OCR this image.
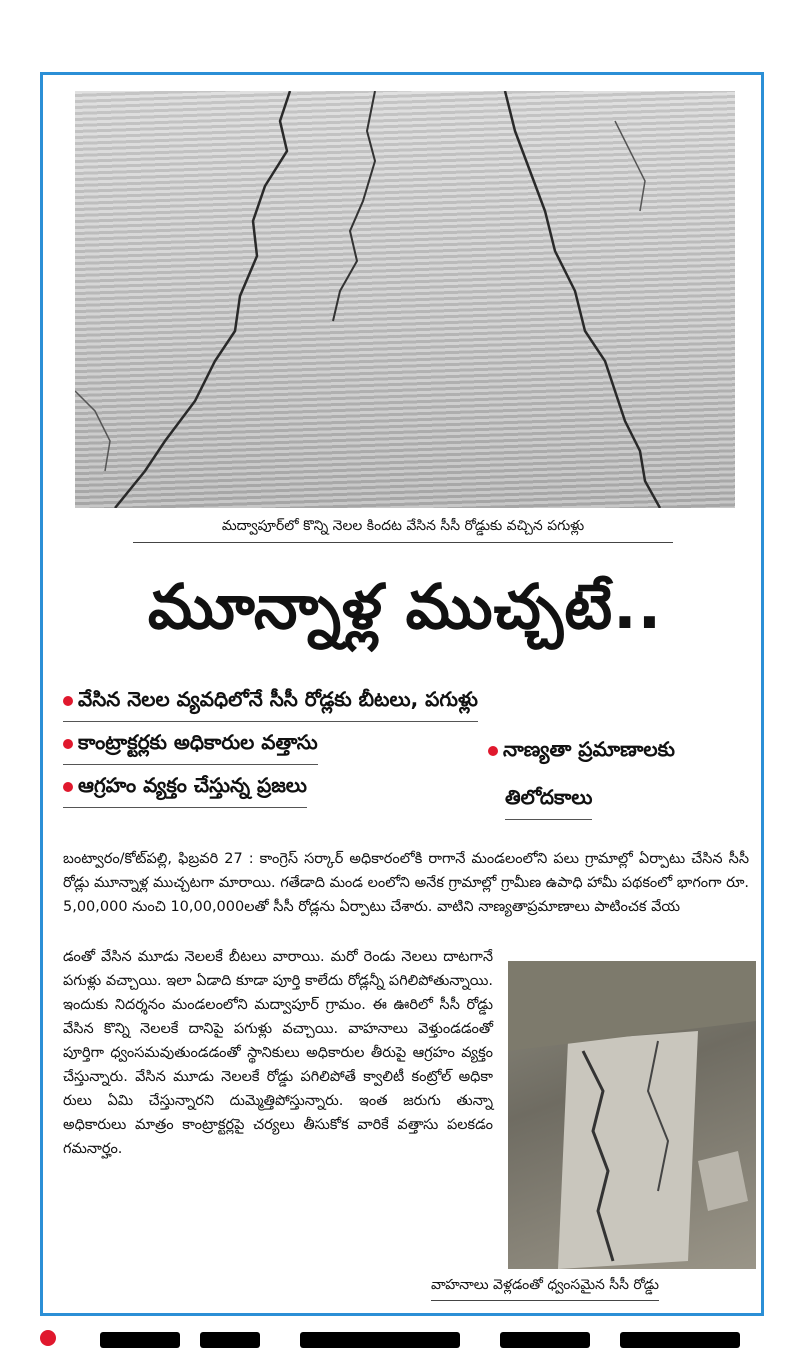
మద్వాపూర్‌లో కొన్ని నెలల కిందట వేసిన సీసీ రోడ్డుకు వచ్చిన పగుళ్లు
మూన్నాళ్ల ముచ్చటే..
వేసిన నెలల వ్యవధిలోనే సీసీ రోడ్లకు బీటలు, పగుళ్లు
కాంట్రాక్టర్లకు అధికారుల వత్తాసు
ఆగ్రహం వ్యక్తం చేస్తున్న ప్రజలు
నాణ్యతా ప్రమాణాలకు
తిలోదకాలు
బంట్వారం/కోట్‌పల్లి, ఫిబ్రవరి 27 : కాంగ్రెస్ సర్కార్ అధికారంలోకి రాగానే మండలంలోని పలు గ్రామాల్లో ఏర్పాటు చేసిన సీసీ రోడ్లు మూన్నాళ్ల ముచ్చటగా మారాయి. గతేడాది మండ లంలోని అనేక గ్రామాల్లో గ్రామీణ ఉపాధి హామీ పథకంలో భాగంగా రూ. 5,00,000 నుంచి 10,00,000లతో సీసీ రోడ్లను ఏర్పాటు చేశారు. వాటిని నాణ్యతాప్రమాణాలు పాటించక వేయ
డంతో వేసిన మూడు నెలలకే బీటలు వారాయి. మరో రెండు నెలలు దాటగానే పగుళ్లు వచ్చాయి. ఇలా ఏడాది కూడా పూర్తి కాలేదు రోడ్లన్నీ పగిలిపోతున్నాయి. ఇందుకు నిదర్శనం మండలంలోని మద్వాపూర్ గ్రామం. ఈ ఊరిలో సీసీ రోడ్డు వేసిన కొన్ని నెలలకే దానిపై పగుళ్లు వచ్చాయి. వాహనాలు వెళ్తుండడంతో పూర్తిగా ధ్వంసమవుతుండడంతో స్థానికులు అధికారుల తీరుపై ఆగ్రహం వ్యక్తం చేస్తున్నారు. వేసిన మూడు నెలలకే రోడ్డు పగిలిపోతే క్వాలిటీ కంట్రోల్ అధికా రులు ఏమి చేస్తున్నారని దుమ్మెత్తిపోస్తున్నారు. ఇంత జరుగు తున్నా అధికారులు మాత్రం కాంట్రాక్టర్లపై చర్యలు తీసుకోక వారికే వత్తాసు పలకడం గమనార్హం.
వాహనాలు వెళ్లడంతో ధ్వంసమైన సీసీ రోడ్డు
